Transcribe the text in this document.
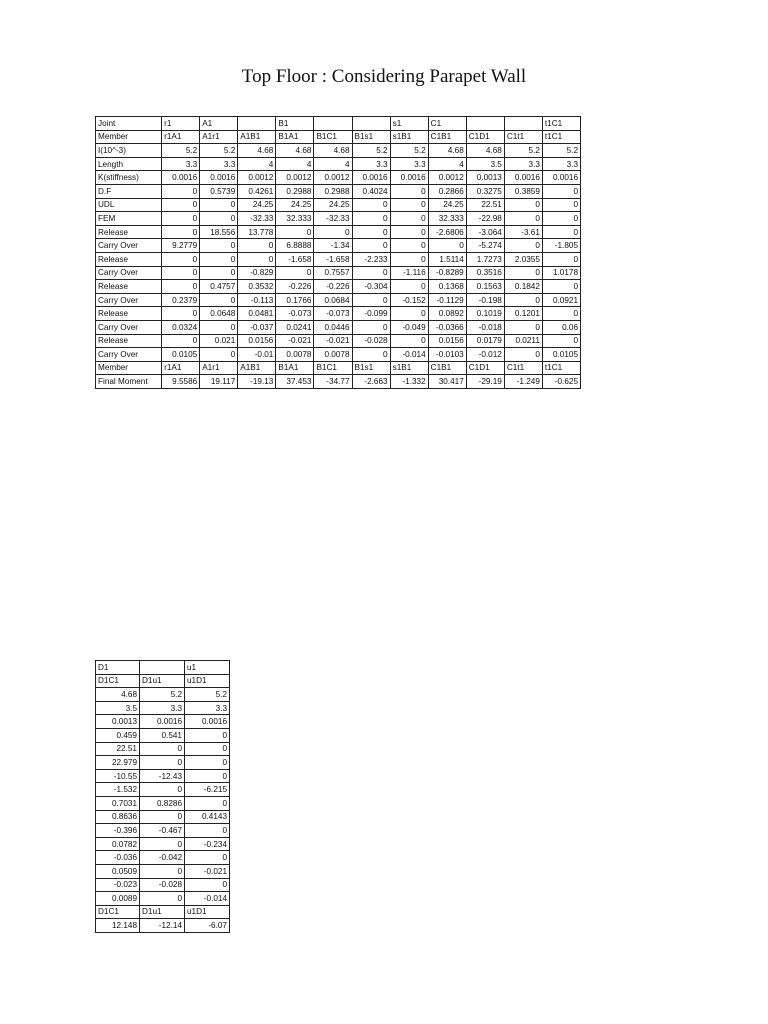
Top Floor : Considering Parapet Wall
Joint	r1	A1		B1			s1	C1			t1C1
Member	r1A1	A1r1	A1B1	B1A1	B1C1	B1s1	s1B1	C1B1	C1D1	C1t1	t1C1
I(10^-3)	5.2	5.2	4.68	4.68	4.68	5.2	5.2	4.68	4.68	5.2	5.2
Length	3.3	3.3	4	4	4	3.3	3.3	4	3.5	3.3	3.3
K(stiffness)	0.0016	0.0016	0.0012	0.0012	0.0012	0.0016	0.0016	0.0012	0.0013	0.0016	0.0016
D.F	0	0.5739	0.4261	0.2988	0.2988	0.4024	0	0.2866	0.3275	0.3859	0
UDL	0	0	24.25	24.25	24.25	0	0	24.25	22.51	0	0
FEM	0	0	-32.33	32.333	-32.33	0	0	32.333	-22.98	0	0
Release	0	18.556	13.778	0	0	0	0	-2.6806	-3.064	-3.61	0
Carry Over	9.2779	0	0	6.8888	-1.34	0	0	0	-5.274	0	-1.805
Release	0	0	0	-1.658	-1.658	-2.233	0	1.5114	1.7273	2.0355	0
Carry Over	0	0	-0.829	0	0.7557	0	-1.116	-0.8289	0.3516	0	1.0178
Release	0	0.4757	0.3532	-0.226	-0.226	-0.304	0	0.1368	0.1563	0.1842	0
Carry Over	0.2379	0	-0.113	0.1766	0.0684	0	-0.152	-0.1129	-0.198	0	0.0921
Release	0	0.0648	0.0481	-0.073	-0.073	-0.099	0	0.0892	0.1019	0.1201	0
Carry Over	0.0324	0	-0.037	0.0241	0.0446	0	-0.049	-0.0366	-0.018	0	0.06
Release	0	0.021	0.0156	-0.021	-0.021	-0.028	0	0.0156	0.0179	0.0211	0
Carry Over	0.0105	0	-0.01	0.0078	0.0078	0	-0.014	-0.0103	-0.012	0	0.0105
Member	r1A1	A1r1	A1B1	B1A1	B1C1	B1s1	s1B1	C1B1	C1D1	C1t1	t1C1
Final Moment	9.5586	19.117	-19.13	37.453	-34.77	-2.663	-1.332	30.417	-29.19	-1.249	-0.625
D1		u1
D1C1	D1u1	u1D1
4.68	5.2	5.2
3.5	3.3	3.3
0.0013	0.0016	0.0016
0.459	0.541	0
22.51	0	0
22.979	0	0
-10.55	-12.43	0
-1.532	0	-6.215
0.7031	0.8286	0
0.8636	0	0.4143
-0.396	-0.467	0
0.0782	0	-0.234
-0.036	-0.042	0
0.0509	0	-0.021
-0.023	-0.028	0
0.0089	0	-0.014
D1C1	D1u1	u1D1
12.148	-12.14	-6.07
